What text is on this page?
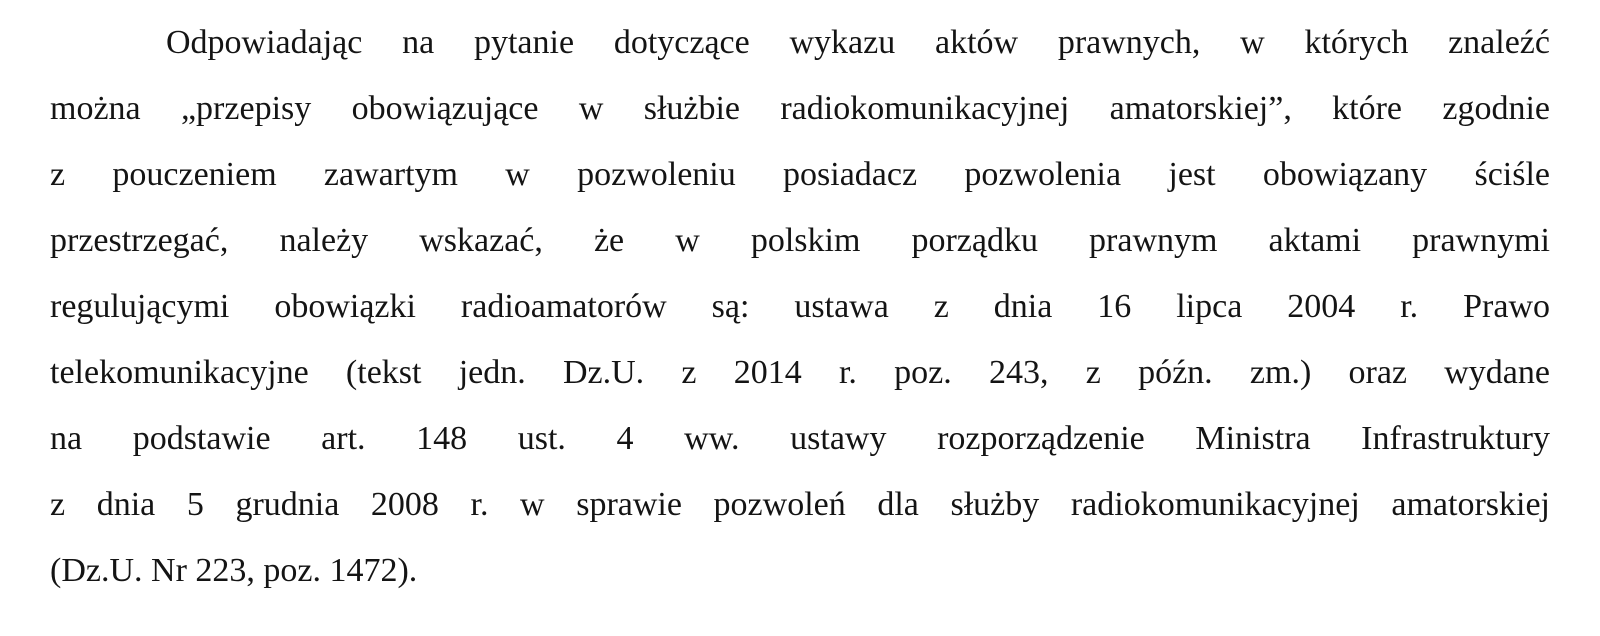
Odpowiadając na pytanie dotyczące wykazu aktów prawnych, w których znaleźć
można „przepisy obowiązujące w służbie radiokomunikacyjnej amatorskiej”, które zgodnie
z pouczeniem zawartym w pozwoleniu posiadacz pozwolenia jest obowiązany ściśle
przestrzegać, należy wskazać, że w polskim porządku prawnym aktami prawnymi
regulującymi obowiązki radioamatorów są: ustawa z dnia 16 lipca 2004 r. Prawo
telekomunikacyjne (tekst jedn. Dz.U. z 2014 r. poz. 243, z późn. zm.) oraz wydane
na podstawie art. 148 ust. 4 ww. ustawy rozporządzenie Ministra Infrastruktury
z dnia 5 grudnia 2008 r. w sprawie pozwoleń dla służby radiokomunikacyjnej amatorskiej
(Dz.U. Nr 223, poz. 1472).
